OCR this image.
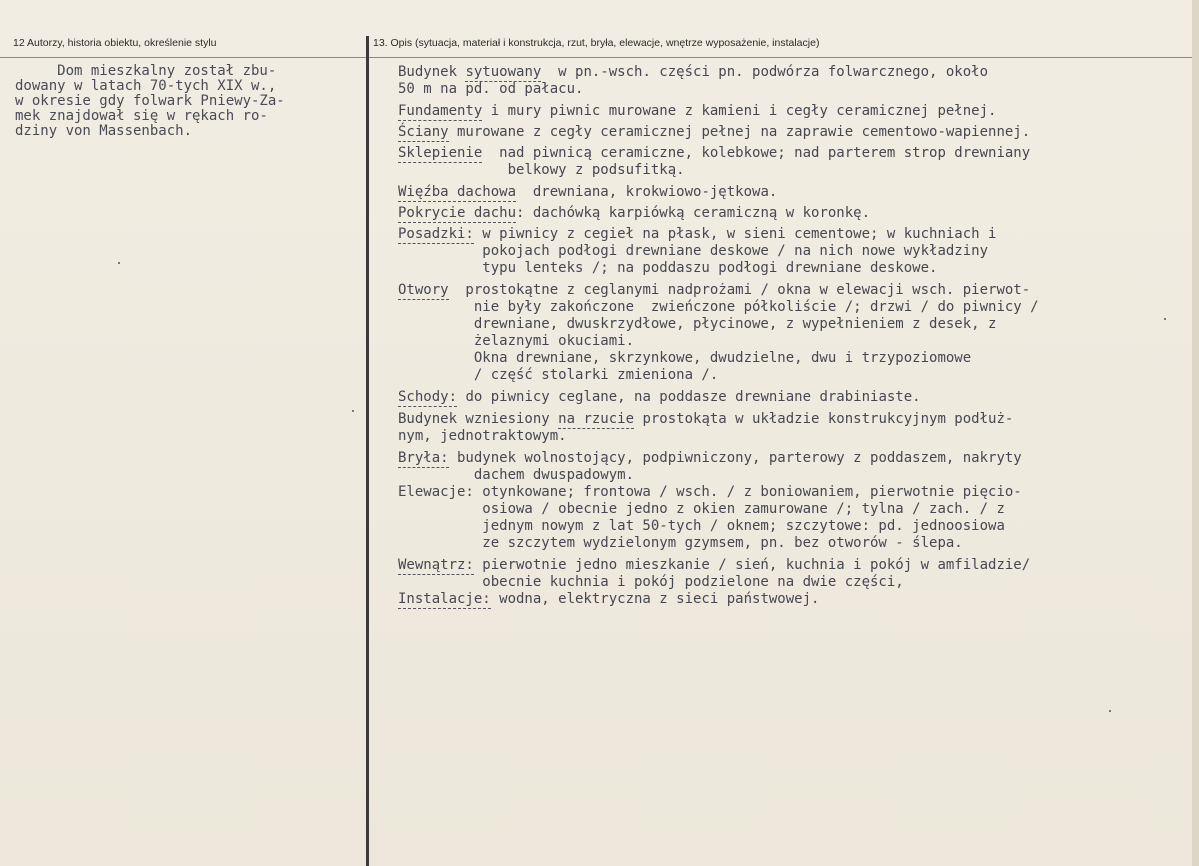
12 Autorzy, historia obiektu, określenie stylu	13. Opis (sytuacja, materiał i konstrukcja, rzut, bryła, elewacje, wnętrze wyposażenie, instalacje)
Dom mieszkalny został zbu-
dowany w latach 70-tych XIX w.,
w okresie gdy folwark Pniewy-Za-
mek znajdował się w rękach ro-
dziny von Massenbach.
Budynek sytuowany  w pn.-wsch. części pn. podwórza folwarcznego, około
50 m na pd. od pałacu.
Fundamenty i mury piwnic murowane z kamieni i cegły ceramicznej pełnej.
Ściany murowane z cegły ceramicznej pełnej na zaprawie cementowo-wapiennej.
Sklepienie  nad piwnicą ceramiczne, kolebkowe; nad parterem strop drewniany
belkowy z podsufitką.
Więźba dachowa  drewniana, krokwiowo-jętkowa.
Pokrycie dachu: dachówką karpiówką ceramiczną w koronkę.
Posadzki: w piwnicy z cegieł na płask, w sieni cementowe; w kuchniach i
pokojach podłogi drewniane deskowe / na nich nowe wykładziny
typu lenteks /; na poddaszu podłogi drewniane deskowe.
Otwory  prostokątne z ceglanymi nadprożami / okna w elewacji wsch. pierwot-
nie były zakończone  zwieńczone półkoliście /; drzwi / do piwnicy /
drewniane, dwuskrzydłowe, płycinowe, z wypełnieniem z desek, z
żelaznymi okuciami.
Okna drewniane, skrzynkowe, dwudzielne, dwu i trzypoziomowe
/ część stolarki zmieniona /.
Schody: do piwnicy ceglane, na poddasze drewniane drabiniaste.
Budynek wzniesiony na rzucie prostokąta w układzie konstrukcyjnym podłuż-
nym, jednotraktowym.
Bryła: budynek wolnostojący, podpiwniczony, parterowy z poddaszem, nakryty
dachem dwuspadowym.
Elewacje: otynkowane; frontowa / wsch. / z boniowaniem, pierwotnie pięcio-
osiowa / obecnie jedno z okien zamurowane /; tylna / zach. / z
jednym nowym z lat 50-tych / oknem; szczytowe: pd. jednoosiowa
ze szczytem wydzielonym gzymsem, pn. bez otworów - ślepa.
Wewnątrz: pierwotnie jedno mieszkanie / sień, kuchnia i pokój w amfiladzie/
obecnie kuchnia i pokój podzielone na dwie części,
Instalacje: wodna, elektryczna z sieci państwowej.
